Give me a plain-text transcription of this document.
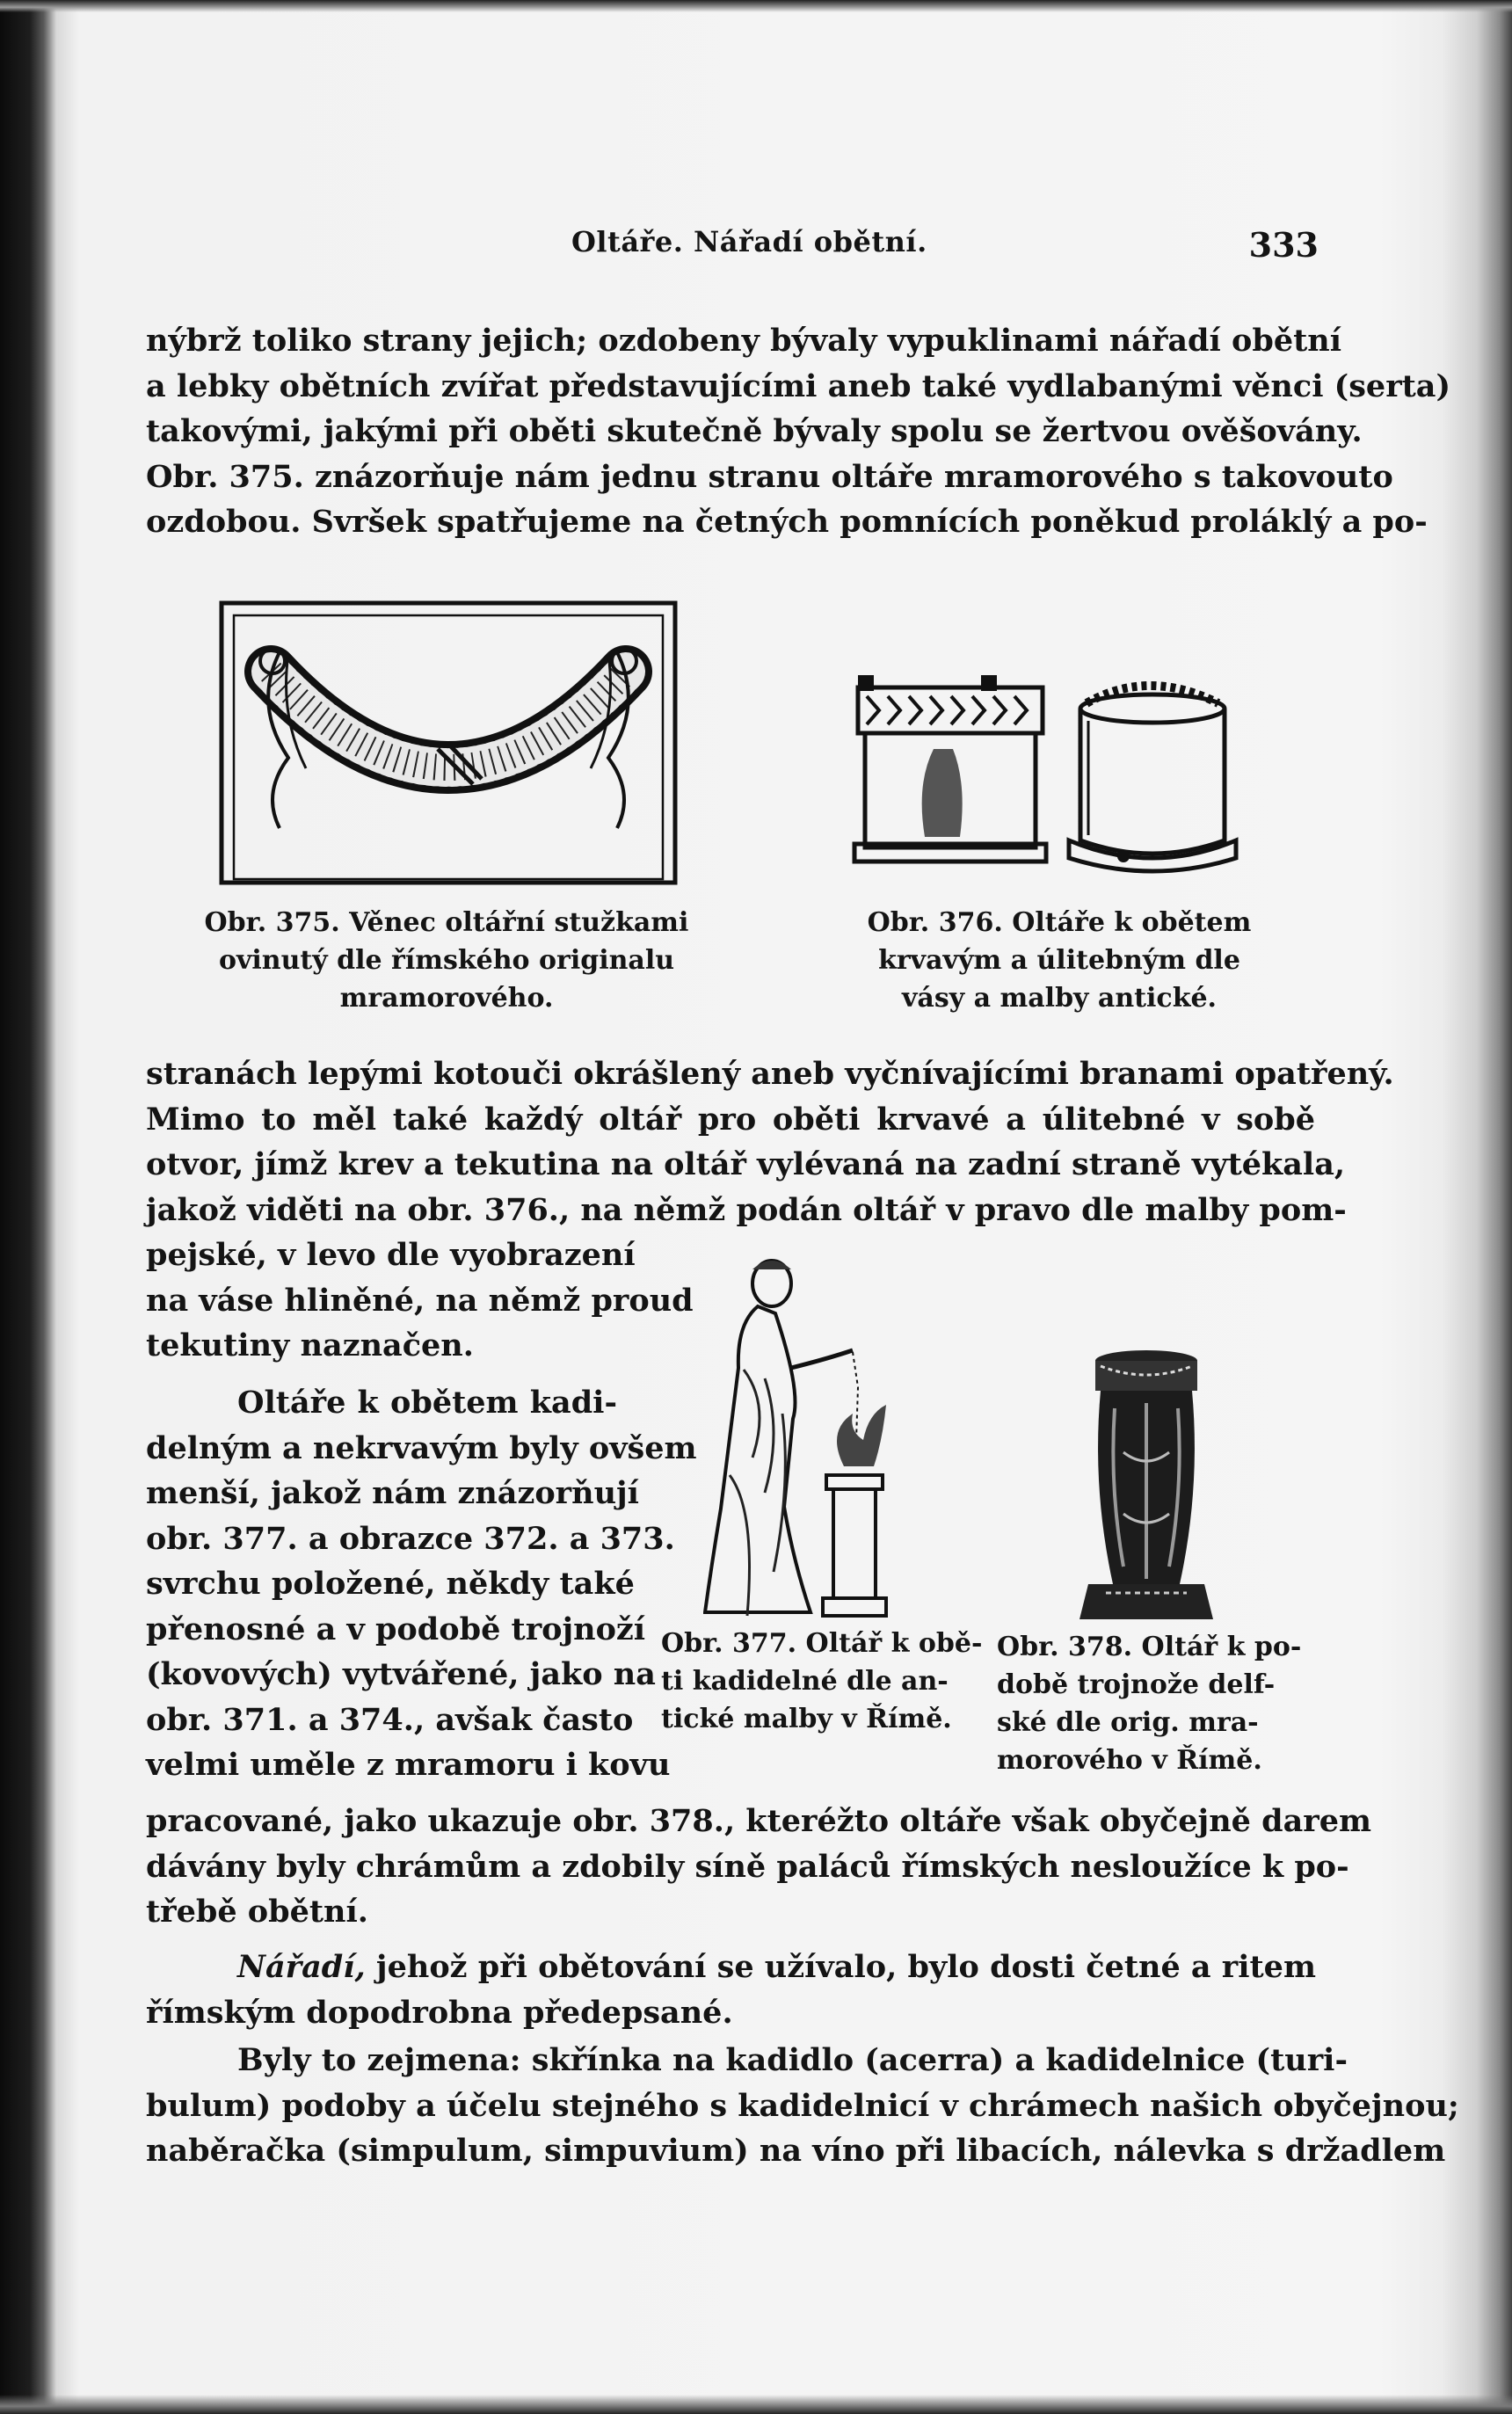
Oltáře. Nářadí obětní.	333
nýbrž toliko strany jejich; ozdobeny bývaly vypuklinami nářadí obětní
a lebky obětních zvířat představujícími aneb také vydlabanými věnci (serta)
takovými, jakými při oběti skutečně bývaly spolu se žertvou ověšovány.
Obr. 375. znázorňuje nám jednu stranu oltáře mramorového s takovouto
ozdobou. Svršek spatřujeme na četných pomnících poněkud proláklý a po-
Obr. 375. Věnec oltářní stužkami
ovinutý dle římského originalu
mramorového.
Obr. 376. Oltáře k obětem
krvavým a úlitebným dle
vásy a malby antické.
stranách lepými kotouči okrášlený aneb vyčnívajícími branami opatřený.
Mimo to měl také každý oltář pro oběti krvavé a úlitebné v sobě
otvor, jímž krev a tekutina na oltář vylévaná na zadní straně vytékala,
jakož viděti na obr. 376., na němž podán oltář v pravo dle malby pom-
pejské, v levo dle vyobrazení
na váse hliněné, na němž proud
tekutiny naznačen.
Oltáře k obětem kadi-
delným a nekrvavým byly ovšem
menší, jakož nám znázorňují
obr. 377. a obrazce 372. a 373.
svrchu položené, někdy také
přenosné a v podobě trojnoží
(kovových) vytvářené, jako na
obr. 371. a 374., avšak často
velmi uměle z mramoru i kovu
Obr. 377. Oltář k obě-
ti kadidelné dle an-
tické malby v Římě.
Obr. 378. Oltář k po-
době trojnože delf-
ské dle orig. mra-
morového v Římě.
pracované, jako ukazuje obr. 378., kteréžto oltáře však obyčejně darem
dávány byly chrámům a zdobily síně paláců římských nesloužíce k po-
třebě obětní.
Nářadí, jehož při obětování se užívalo, bylo dosti četné a ritem
římským dopodrobna předepsané.
Byly to zejmena: skřínka na kadidlo (acerra) a kadidelnice (turi-
bulum) podoby a účelu stejného s kadidelnicí v chrámech našich obyčejnou;
naběračka (simpulum, simpuvium) na víno při libacích, nálevka s držadlem
